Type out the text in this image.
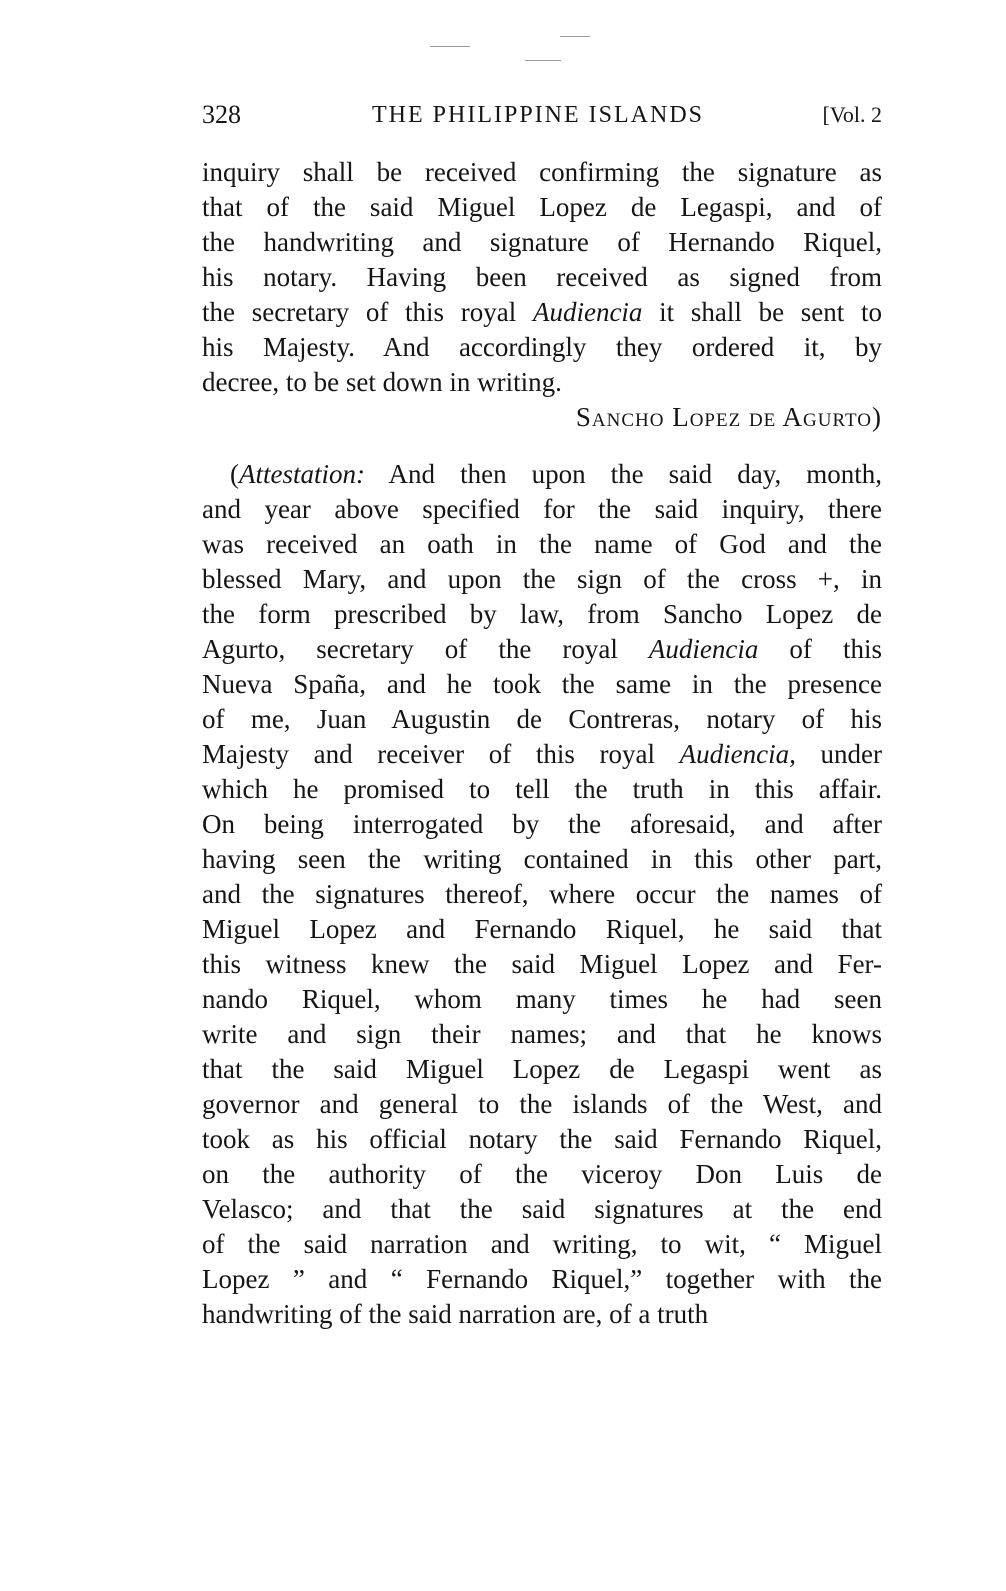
328	THE PHILIPPINE ISLANDS	[Vol. 2
inquiry shall be received confirming the signature as
that of the said Miguel Lopez de Legaspi, and of
the handwriting and signature of Hernando Riquel,
his notary. Having been received as signed from
the secretary of this royal Audiencia it shall be sent to
his Majesty. And accordingly they ordered it, by
decree, to be set down in writing.
Sancho Lopez de Agurto)
(Attestation: And then upon the said day, month,
and year above specified for the said inquiry, there
was received an oath in the name of God and the
blessed Mary, and upon the sign of the cross +, in
the form prescribed by law, from Sancho Lopez de
Agurto, secretary of the royal Audiencia of this
Nueva Spaña, and he took the same in the presence
of me, Juan Augustin de Contreras, notary of his
Majesty and receiver of this royal Audiencia, under
which he promised to tell the truth in this affair.
On being interrogated by the aforesaid, and after
having seen the writing contained in this other part,
and the signatures thereof, where occur the names of
Miguel Lopez and Fernando Riquel, he said that
this witness knew the said Miguel Lopez and Fer-
nando Riquel, whom many times he had seen
write and sign their names; and that he knows
that the said Miguel Lopez de Legaspi went as
governor and general to the islands of the West, and
took as his official notary the said Fernando Riquel,
on the authority of the viceroy Don Luis de
Velasco; and that the said signatures at the end
of the said narration and writing, to wit, “ Miguel
Lopez ” and “ Fernando Riquel,” together with the
handwriting of the said narration are, of a truth
